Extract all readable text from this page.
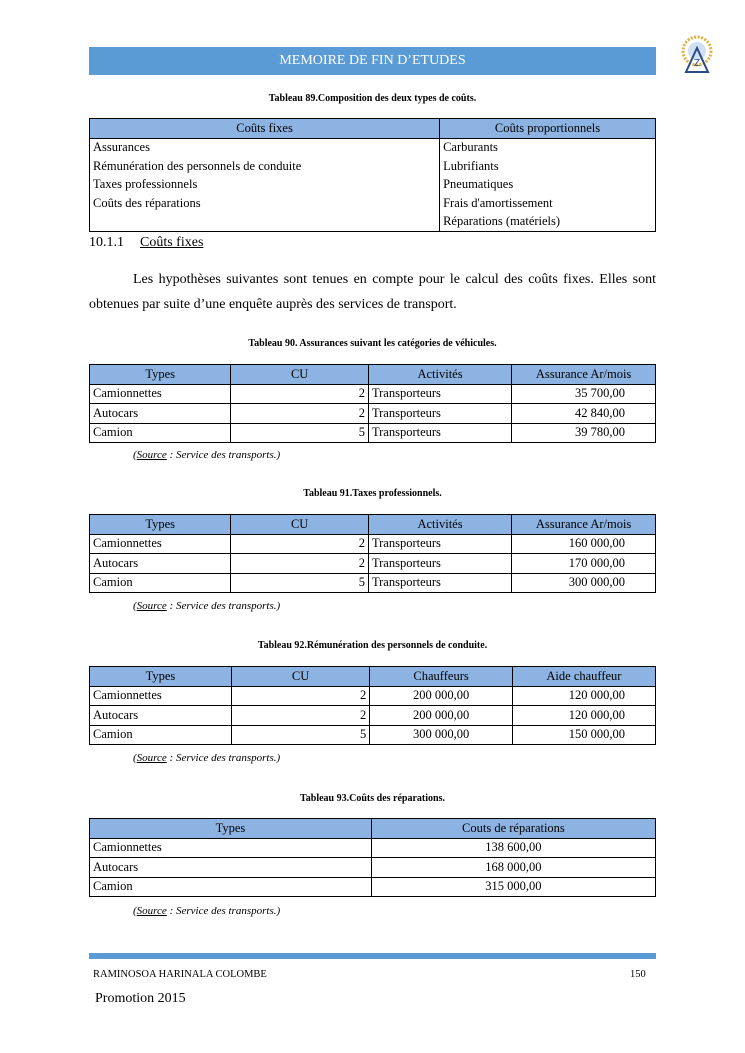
MEMOIRE DE FIN D’ETUDES	Z
Tableau 89.Composition des deux types de coûts.
Coûts fixes	Coûts proportionnels
Assurances	Carburants
Rémunération des personnels de conduite	Lubrifiants
Taxes professionnels	Pneumatiques
Coûts des réparations	Frais d'amortissement
	Réparations (matériels)
10.1.1 Coûts fixes
Les hypothèses suivantes sont tenues en compte pour le calcul des coûts fixes. Elles sont obtenues par suite d’une enquête auprès des services de transport.
Tableau 90. Assurances suivant les catégories de véhicules.
Types	CU	Activités	Assurance Ar/mois
Camionnettes	2	Transporteurs	35 700,00
Autocars	2	Transporteurs	42 840,00
Camion	5	Transporteurs	39 780,00
(Source : Service des transports.)
Tableau 91.Taxes professionnels.
Types	CU	Activités	Assurance Ar/mois
Camionnettes	2	Transporteurs	160 000,00
Autocars	2	Transporteurs	170 000,00
Camion	5	Transporteurs	300 000,00
(Source : Service des transports.)
Tableau 92.Rémunération des personnels de conduite.
Types	CU	Chauffeurs	Aide chauffeur
Camionnettes	2	200 000,00	120 000,00
Autocars	2	200 000,00	120 000,00
Camion	5	300 000,00	150 000,00
(Source : Service des transports.)
Tableau 93.Coûts des réparations.
Types	Couts de réparations
Camionnettes	138 600,00
Autocars	168 000,00
Camion	315 000,00
(Source : Service des transports.)
RAMINOSOA HARINALA COLOMBE	150
Promotion 2015
